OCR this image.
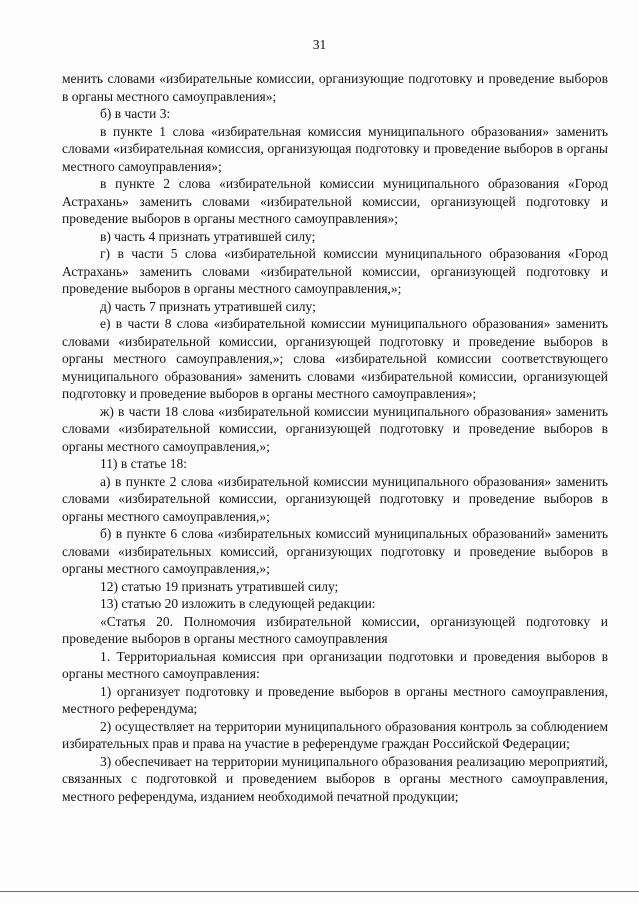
31

менить словами «избирательные комиссии, организующие подготовку и проведение выборов в органы местного самоуправления»;

б) в части 3:

в пункте 1 слова «избирательная комиссия муниципального образования» заменить словами «избирательная комиссия, организующая подготовку и проведение выборов в органы местного самоуправления»;

в пункте 2 слова «избирательной комиссии муниципального образования «Город Астрахань» заменить словами «избирательной комиссии, организующей подготовку и проведение выборов в органы местного самоуправления»;

в) часть 4 признать утратившей силу;

г) в части 5 слова «избирательной комиссии муниципального образования «Город Астрахань» заменить словами «избирательной комиссии, организующей подготовку и проведение выборов в органы местного самоуправления,»;

д) часть 7 признать утратившей силу;

е) в части 8 слова «избирательной комиссии муниципального образования» заменить словами «избирательной комиссии, организующей подготовку и проведение выборов в органы местного самоуправления,»; слова «избирательной комиссии соответствующего муниципального образования» заменить словами «избирательной комиссии, организующей подготовку и проведение выборов в органы местного самоуправления»;

ж) в части 18 слова «избирательной комиссии муниципального образования» заменить словами «избирательной комиссии, организующей подготовку и проведение выборов в органы местного самоуправления,»;

11) в статье 18:

а) в пункте 2 слова «избирательной комиссии муниципального образования» заменить словами «избирательной комиссии, организующей подготовку и проведение выборов в органы местного самоуправления,»;

б) в пункте 6 слова «избирательных комиссий муниципальных образований» заменить словами «избирательных комиссий, организующих подготовку и проведение выборов в органы местного самоуправления,»;

12) статью 19 признать утратившей силу;

13) статью 20 изложить в следующей редакции:

«Статья 20. Полномочия избирательной комиссии, организующей подготовку и проведение выборов в органы местного самоуправления

1. Территориальная комиссия при организации подготовки и проведения выборов в органы местного самоуправления:

1) организует подготовку и проведение выборов в органы местного самоуправления, местного референдума;

2) осуществляет на территории муниципального образования контроль за соблюдением избирательных прав и права на участие в референдуме граждан Российской Федерации;

3) обеспечивает на территории муниципального образования реализацию мероприятий, связанных с подготовкой и проведением выборов в органы местного самоуправления, местного референдума, изданием необходимой печатной продукции;
